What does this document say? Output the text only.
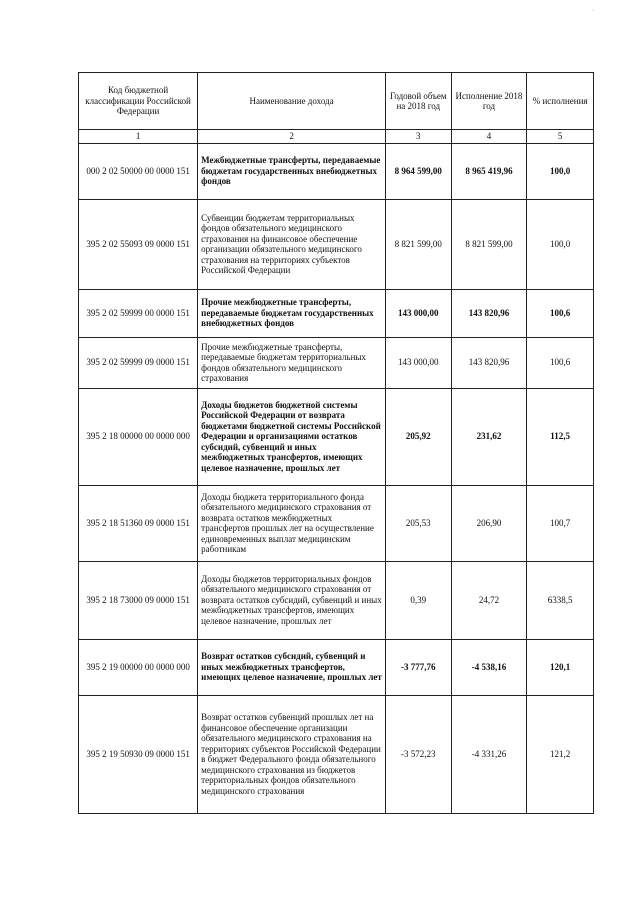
·
Код бюджетной классификации Российской Федерации	Наименование дохода	Годовой объем на 2018 год	Исполнение 2018 год	% исполнения
1	2	3	4	5
000 2 02 50000 00 0000 151	Межбюджетные трансферты, передаваемые бюджетам государственных внебюджетных фондов	8 964 599,00	8 965 419,96	100,0
395 2 02 55093 09 0000 151	Субвенции бюджетам территориальных фондов обязательного медицинского страхования на финансовое обеспечение организации обязательного медицинского страхования на территориях субъектов Российской Федерации	8 821 599,00	8 821 599,00	100,0
395 2 02 59999 00 0000 151	Прочие межбюджетные трансферты, передаваемые бюджетам государственных внебюджетных фондов	143 000,00	143 820,96	100,6
395 2 02 59999 09 0000 151	Прочие межбюджетные трансферты, передаваемые бюджетам территориальных фондов обязательного медицинского страхования	143 000,00	143 820,96	100,6
395 2 18 00000 00 0000 000	Доходы бюджетов бюджетной системы Российской Федерации от возврата бюджетами бюджетной системы Российской Федерации и организациями остатков субсидий, субвенций и иных межбюджетных трансфертов, имеющих целевое назначение, прошлых лет	205,92	231,62	112,5
395 2 18 51360 09 0000 151	Доходы бюджета территориального фонда обязательного медицинского страхования от возврата остатков межбюджетных трансфертов прошлых лет на осуществление единовременных выплат медицинским работникам	205,53	206,90	100,7
395 2 18 73000 09 0000 151	Доходы бюджетов территориальных фондов обязательного медицинского страхования от возврата остатков субсидий, субвенций и иных межбюджетных трансфертов, имеющих целевое назначение, прошлых лет	0,39	24,72	6338,5
395 2 19 00000 00 0000 000	Возврат остатков субсидий, субвенций и иных межбюджетных трансфертов, имеющих целевое назначение, прошлых лет	-3 777,76	-4 538,16	120,1
395 2 19 50930 09 0000 151	Возврат остатков субвенций прошлых лет на финансовое обеспечение организации обязательного медицинского страхования на территориях субъектов Российской Федерации в бюджет Федерального фонда обязательного медицинского страхования из бюджетов территориальных фондов обязательного медицинского страхования	-3 572,23	-4 331,26	121,2
